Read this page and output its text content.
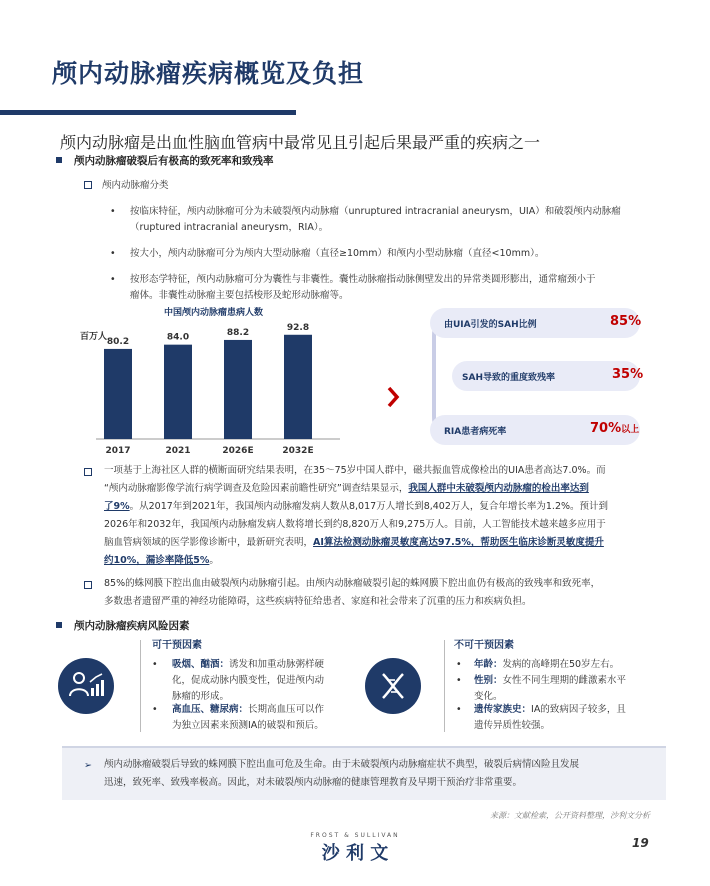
颅内动脉瘤疾病概览及负担
颅内动脉瘤是出血性脑血管病中最常见且引起后果最严重的疾病之一
颅内动脉瘤破裂后有极高的致死率和致残率
颅内动脉瘤分类
• 按临床特征，颅内动脉瘤可分为未破裂颅内动脉瘤（unruptured intracranial aneurysm，UIA）和破裂颅内动脉瘤
（ruptured intracranial aneurysm，RIA）。
• 按大小，颅内动脉瘤可分为颅内大型动脉瘤（直径≥10mm）和颅内小型动脉瘤（直径<10mm）。
• 按形态学特征，颅内动脉瘤可分为囊性与非囊性。囊性动脉瘤指动脉侧壁发出的异常类圆形膨出，通常瘤颈小于
瘤体。非囊性动脉瘤主要包括梭形及蛇形动脉瘤等。
中国颅内动脉瘤患病人数
百万人 80.2
2017
84.0
2021
88.2
2026E
92.8
2032E
由UIA引发的SAH比例	85%
SAH导致的重度致残率	35%
RIA患者病死率	70%以上
一项基于上海社区人群的横断面研究结果表明，在35～75岁中国人群中，磁共振血管成像检出的UIA患者高达7.0%。而
“颅内动脉瘤影像学流行病学调查及危险因素前瞻性研究”调查结果显示，我国人群中未破裂颅内动脉瘤的检出率达到
了9%。从2017年到2021年，我国颅内动脉瘤发病人数从8,017万人增长到8,402万人，复合年增长率为1.2%。预计到
2026年和2032年，我国颅内动脉瘤发病人数将增长到约8,820万人和9,275万人。目前，人工智能技术越来越多应用于
脑血管病领域的医学影像诊断中，最新研究表明，AI算法检测动脉瘤灵敏度高达97.5%，帮助医生临床诊断灵敏度提升
约10%，漏诊率降低5%。
85%的蛛网膜下腔出血由破裂颅内动脉瘤引起。由颅内动脉瘤破裂引起的蛛网膜下腔出血仍有极高的致残率和致死率，
多数患者遗留严重的神经功能障碍，这些疾病特征给患者、家庭和社会带来了沉重的压力和疾病负担。
颅内动脉瘤疾病风险因素
可干预因素
• 吸烟、酗酒：诱发和加重动脉粥样硬
化，促成动脉内膜变性，促进颅内动
脉瘤的形成。
• 高血压、糖尿病：长期高血压可以作
为独立因素来预测IA的破裂和预后。
不可干预因素
• 年龄：发病的高峰期在50岁左右。
• 性别：女性不同生理期的雌激素水平
变化。
• 遗传家族史：IA的致病因子较多，且
遗传异质性较强。
➢ 颅内动脉瘤破裂后导致的蛛网膜下腔出血可危及生命。由于未破裂颅内动脉瘤症状不典型，破裂后病情凶险且发展
迅速，致死率、致残率极高。因此，对未破裂颅内动脉瘤的健康管理教育及早期干预治疗非常重要。
来源：文献检索，公开资料整理，沙利文分析
FROST & SULLIVAN
沙 利 文	19
